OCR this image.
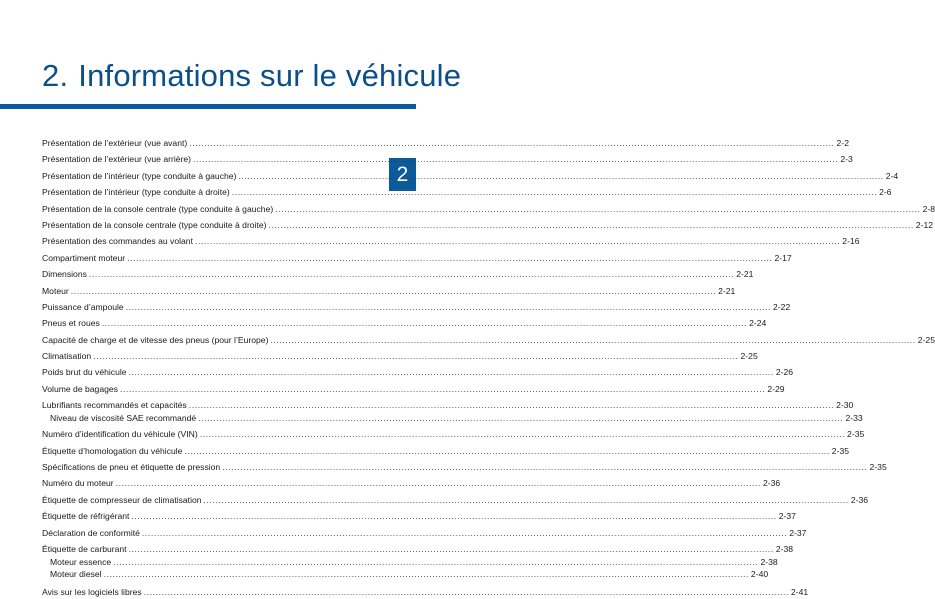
2. Informations sur le véhicule
2
Présentation de l’extérieur (vue avant) .....	2-2
Présentation de l’extérieur (vue arrière) .....	2-3
Présentation de l’intérieur (type conduite à gauche) .....	2-4
Présentation de l’intérieur (type conduite à droite) .....	2-6
Présentation de la console centrale (type conduite à gauche) .....	2-8
Présentation de la console centrale (type conduite à droite) .....	2-12
Présentation des commandes au volant .....	2-16
Compartiment moteur .....	2-17
Dimensions .....	2-21
Moteur .....	2-21
Puissance d’ampoule .....	2-22
Pneus et roues .....	2-24
Capacité de charge et de vitesse des pneus (pour l’Europe) .....	2-25
Climatisation .....	2-25
Poids brut du véhicule .....	2-26
Volume de bagages .....	2-29
Lubrifiants recommandés et capacités .....	2-30
Niveau de viscosité SAE recommandé .....	2-33
Numéro d’identification du véhicule (VIN) .....	2-35
Étiquette d’homologation du véhicule .....	2-35
Spécifications de pneu et étiquette de pression .....	2-35
Numéro du moteur .....	2-36
Étiquette de compresseur de climatisation .....	2-36
Étiquette de réfrigérant .....	2-37
Déclaration de conformité .....	2-37
Étiquette de carburant .....	2-38
Moteur essence .....	2-38
Moteur diesel .....	2-40
Avis sur les logiciels libres .....	2-41
